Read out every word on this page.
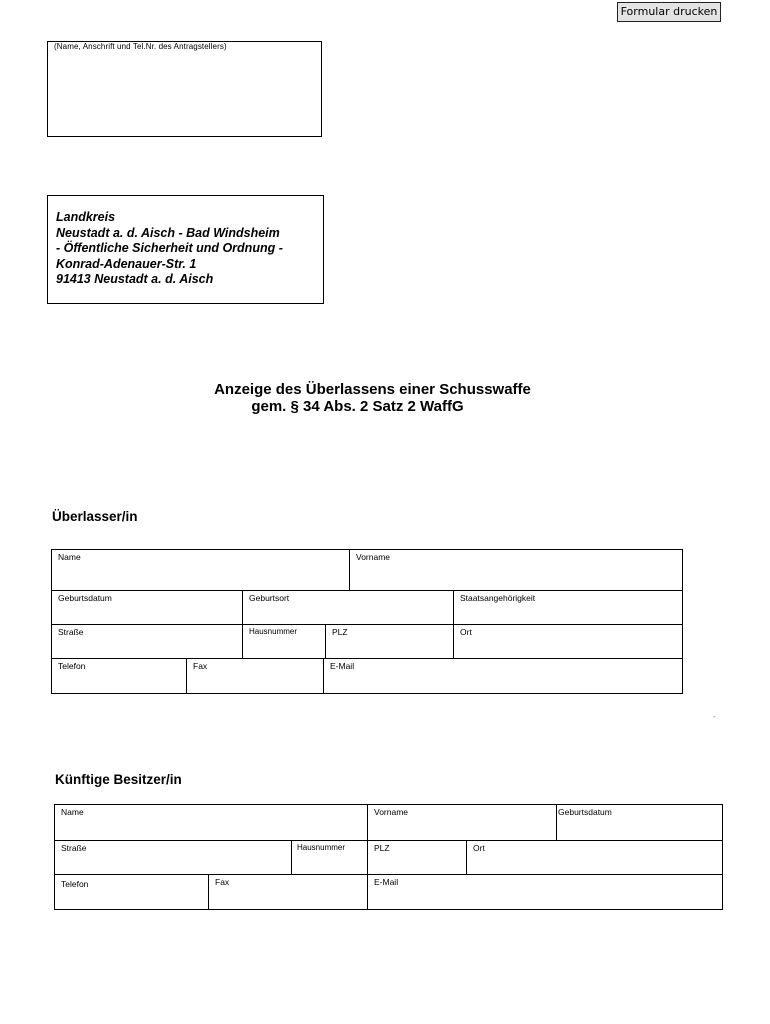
Formular drucken
(Name, Anschrift und Tel.Nr. des Antragstellers)
Landkreis
Neustadt a. d. Aisch - Bad Windsheim
- Öffentliche Sicherheit und Ordnung -
Konrad-Adenauer-Str. 1
91413 Neustadt a. d. Aisch
Anzeige des Überlassens einer Schusswaffe
gem. § 34 Abs. 2 Satz 2 WaffG
Überlasser/in
Name	Vorname
Geburtsdatum	Geburtsort	Staatsangehörigkeit
Straße	Hausnummer	PLZ	Ort
Telefon	Fax	E-Mail
-
Künftige Besitzer/in
Name	Vorname	Geburtsdatum
Straße	Hausnummer	PLZ	Ort
Telefon	Fax	E-Mail
